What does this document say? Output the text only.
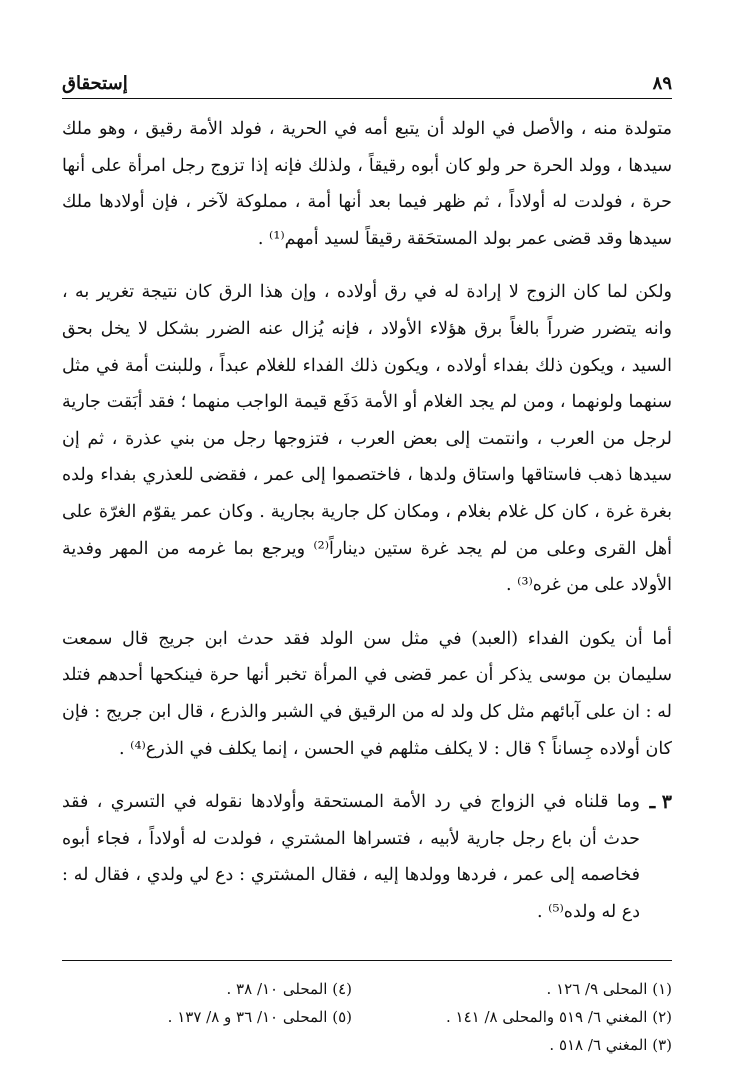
٨٩
إستحقاق

متولدة منه ، والأصل في الولد أن يتبع أمه في الحرية ، فولد الأمة رقيق ، وهو ملك سيدها ، وولد الحرة حر ولو كان أبوه رقيقاً ، ولذلك فإنه إذا تزوج رجل امرأة على أنها حرة ، فولدت له أولاداً ، ثم ظهر فيما بعد أنها أمة ، مملوكة لآخر ، فإن أولادها ملك سيدها وقد قضى عمر بولد المستحَقة رقيقاً لسيد أمهم⁽¹⁾ .

ولكن لما كان الزوج لا إرادة له في رق أولاده ، وإن هذا الرق كان نتيجة تغرير به ، وانه يتضرر ضرراً بالغاً برق هؤلاء الأولاد ، فإنه يُزال عنه الضرر بشكل لا يخل بحق السيد ، ويكون ذلك بفداء أولاده ، ويكون ذلك الفداء للغلام عبداً ، وللبنت أمة في مثل سنهما ولونهما ، ومن لم يجد الغلام أو الأمة دَفَع قيمة الواجب منهما ؛ فقد أبَقت جارية لرجل من العرب ، وانتمت إلى بعض العرب ، فتزوجها رجل من بني عذرة ، ثم إن سيدها ذهب فاستاقها واستاق ولدها ، فاختصموا إلى عمر ، فقضى للعذري بفداء ولده بغرة غرة ، كان كل غلام بغلام ، ومكان كل جارية بجارية . وكان عمر يقوّم الغرّة على أهل القرى وعلى من لم يجد غرة ستين ديناراً⁽²⁾ ويرجع بما غرمه من المهر وفدية الأولاد على من غره⁽³⁾ .

أما أن يكون الفداء (العبد) في مثل سن الولد فقد حدث ابن جريج قال سمعت سليمان بن موسى يذكر أن عمر قضى في المرأة تخبر أنها حرة فينكحها أحدهم فتلد له : ان على آبائهم مثل كل ولد له من الرقيق في الشبر والذرع ، قال ابن جريج : فإن كان أولاده جِساناً ؟ قال : لا يكلف مثلهم في الحسن ، إنما يكلف في الذرع⁽⁴⁾ .

٣ ـ
وما قلناه في الزواج في رد الأمة المستحقة وأولادها نقوله في التسري ، فقد حدث أن باع رجل جارية لأبيه ، فتسراها المشتري ، فولدت له أولاداً ، فجاء أبوه فخاصمه إلى عمر ، فردها وولدها إليه ، فقال المشتري : دع لي ولدي ، فقال له : دع له ولده⁽⁵⁾ .
(١) المحلى ٩/ ١٢٦ .
(٤) المحلى ١٠/ ٣٨ .
(٢) المغني ٦/ ٥١٩ والمحلى ٨/ ١٤١ .
(٥) المحلى ١٠/ ٣٦ و ٨/ ١٣٧ .
(٣) المغني ٦/ ٥١٨ .
